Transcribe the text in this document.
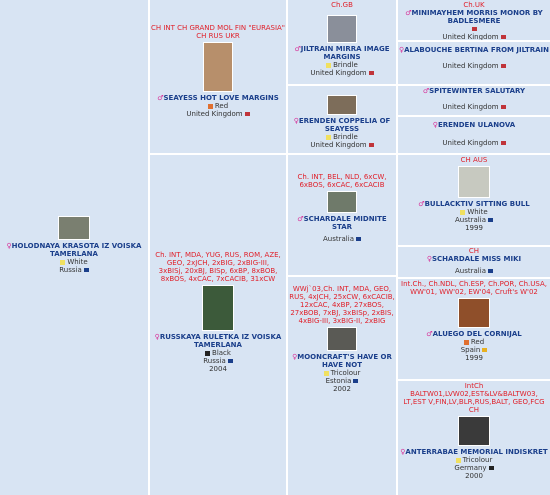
♀HOLODNAYA KRASOTA IZ VOISKA TAMERLANA
White
Russia
CH INT CH GRAND MOL FIN "EURASIA" CH RUS UKR
♂SEAYESS HOT LOVE MARGINS
Red
United Kingdom
Ch. INT, MDA, YUG, RUS, ROM, AZE, GEO, 2xJCH, 2xBIG, 2xBIG-III, 3xBISj, 20xBJ, BISp, 6xBP, 8xBOB, 8xBOS, 4xCAC, 7xCACIB, 31xCW
♀RUSSKAYA RULETKA IZ VOISKA TAMERLANA
Black
Russia
2004
Ch.GB
♂JILTRAIN MIRRA IMAGE MARGINS
Brindle
United Kingdom
♀ERENDEN COPPELIA OF SEAYESS
Brindle
United Kingdom
Ch. INT, BEL, NLD, 6xCW, 6xBOS, 6xCAC, 6xCACIB
♂SCHARDALE MIDNITE STAR
Australia
WWj`03,Ch. INT, MDA, GEO, RUS, 4xJCH, 25xCW, 6xCACIB, 12xCAC, 4xBP, 27xBOS, 27xBOB, 7xBJ, 3xBISp, 2xBIS, 4xBIG-III, 3xBIG-II, 2xBIG
♀MOONCRAFT'S HAVE OR HAVE NOT
Tricolour
Estonia
2002
Ch.UK
♂MINIMAYHEM MORRIS MONOR BY BADLESMERE
United Kingdom
♀ALABOUCHE BERTINA FROM JILTRAIN
United Kingdom
♂SPITEWINTER SALUTARY
United Kingdom
♀ERENDEN ULANOVA
United Kingdom
CH AUS
♂BULLACKTIV SITTING BULL
White
Australia
1999
CH
♀SCHARDALE MISS MIKI
Australia
Int.Ch., Ch.NDL, Ch.ESP, Ch.POR, Ch.USA, WW'01, WW'02, EW'04, Cruft's W'02
♂ALUEGO DEL CORNIJAL
Red
Spain
1999
IntCh BALTW01,LVW02,EST&LV&BALTW03, LT,EST V,FIN,LV,BLR,RUS,BALT, GEO,FCG CH
♀ANTERRABAE MEMORIAL INDISKRET
Tricolour
Germany
2000
